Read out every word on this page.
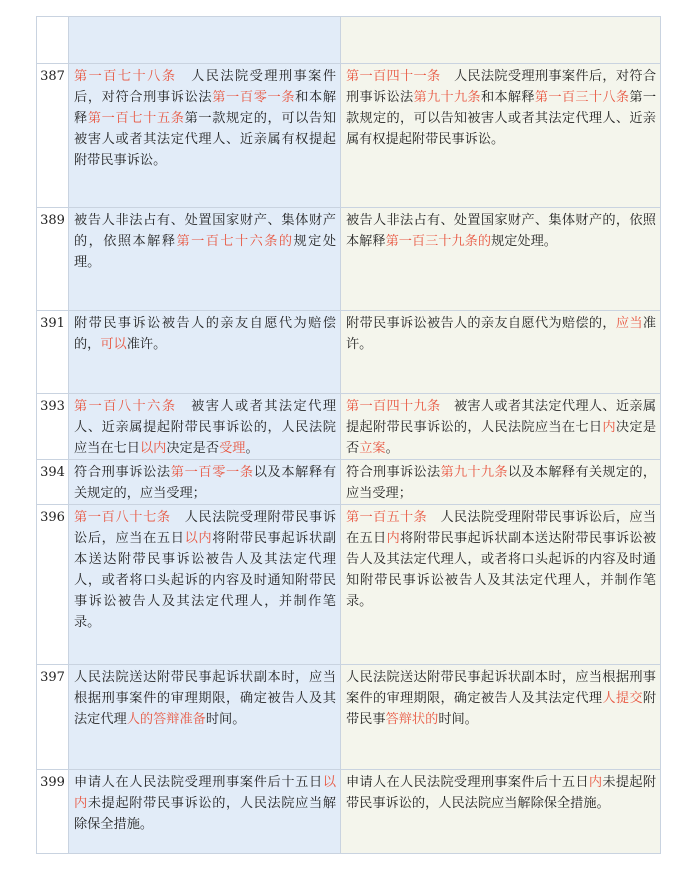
387	第一百七十八条　人民法院受理刑事案件后，对符合刑事诉讼法第一百零一条和本解释第一百七十五条第一款规定的，可以告知被害人或者其法定代理人、近亲属有权提起附带民事诉讼。	第一百四十一条　人民法院受理刑事案件后，对符合刑事诉讼法第九十九条和本解释第一百三十八条第一款规定的，可以告知被害人或者其法定代理人、近亲属有权提起附带民事诉讼。

389	被告人非法占有、处置国家财产、集体财产的，依照本解释第一百七十六条的规定处理。	被告人非法占有、处置国家财产、集体财产的，依照本解释第一百三十九条的规定处理。

391	附带民事诉讼被告人的亲友自愿代为赔偿的，可以准许。	附带民事诉讼被告人的亲友自愿代为赔偿的，应当准许。

393	第一百八十六条　被害人或者其法定代理人、近亲属提起附带民事诉讼的，人民法院应当在七日以内决定是否受理。	第一百四十九条　被害人或者其法定代理人、近亲属提起附带民事诉讼的，人民法院应当在七日内决定是否立案。

394	符合刑事诉讼法第一百零一条以及本解释有关规定的，应当受理；	符合刑事诉讼法第九十九条以及本解释有关规定的，应当受理；

396	第一百八十七条　人民法院受理附带民事诉讼后，应当在五日以内将附带民事起诉状副本送达附带民事诉讼被告人及其法定代理人，或者将口头起诉的内容及时通知附带民事诉讼被告人及其法定代理人，并制作笔录。	第一百五十条　人民法院受理附带民事诉讼后，应当在五日内将附带民事起诉状副本送达附带民事诉讼被告人及其法定代理人，或者将口头起诉的内容及时通知附带民事诉讼被告人及其法定代理人，并制作笔录。

397	人民法院送达附带民事起诉状副本时，应当根据刑事案件的审理期限，确定被告人及其法定代理人的答辩准备时间。	人民法院送达附带民事起诉状副本时，应当根据刑事案件的审理期限，确定被告人及其法定代理人提交附带民事答辩状的时间。

399	申请人在人民法院受理刑事案件后十五日以内未提起附带民事诉讼的，人民法院应当解除保全措施。	申请人在人民法院受理刑事案件后十五日内未提起附带民事诉讼的，人民法院应当解除保全措施。
